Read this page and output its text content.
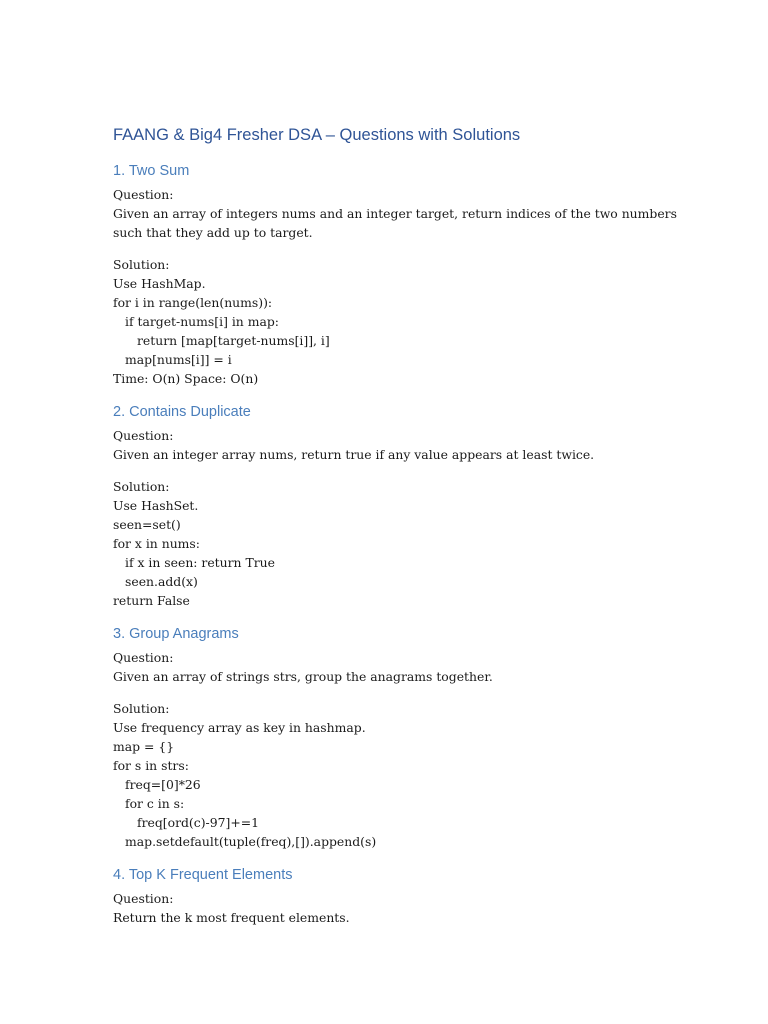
FAANG & Big4 Fresher DSA – Questions with Solutions
1. Two Sum
Question:
Given an array of integers nums and an integer target, return indices of the two numbers
such that they add up to target.
Solution:
Use HashMap.
for i in range(len(nums)):
if target-nums[i] in map:
return [map[target-nums[i]], i]
map[nums[i]] = i
Time: O(n) Space: O(n)
2. Contains Duplicate
Question:
Given an integer array nums, return true if any value appears at least twice.
Solution:
Use HashSet.
seen=set()
for x in nums:
if x in seen: return True
seen.add(x)
return False
3. Group Anagrams
Question:
Given an array of strings strs, group the anagrams together.
Solution:
Use frequency array as key in hashmap.
map = {}
for s in strs:
freq=[0]*26
for c in s:
freq[ord(c)-97]+=1
map.setdefault(tuple(freq),[]).append(s)
4. Top K Frequent Elements
Question:
Return the k most frequent elements.
